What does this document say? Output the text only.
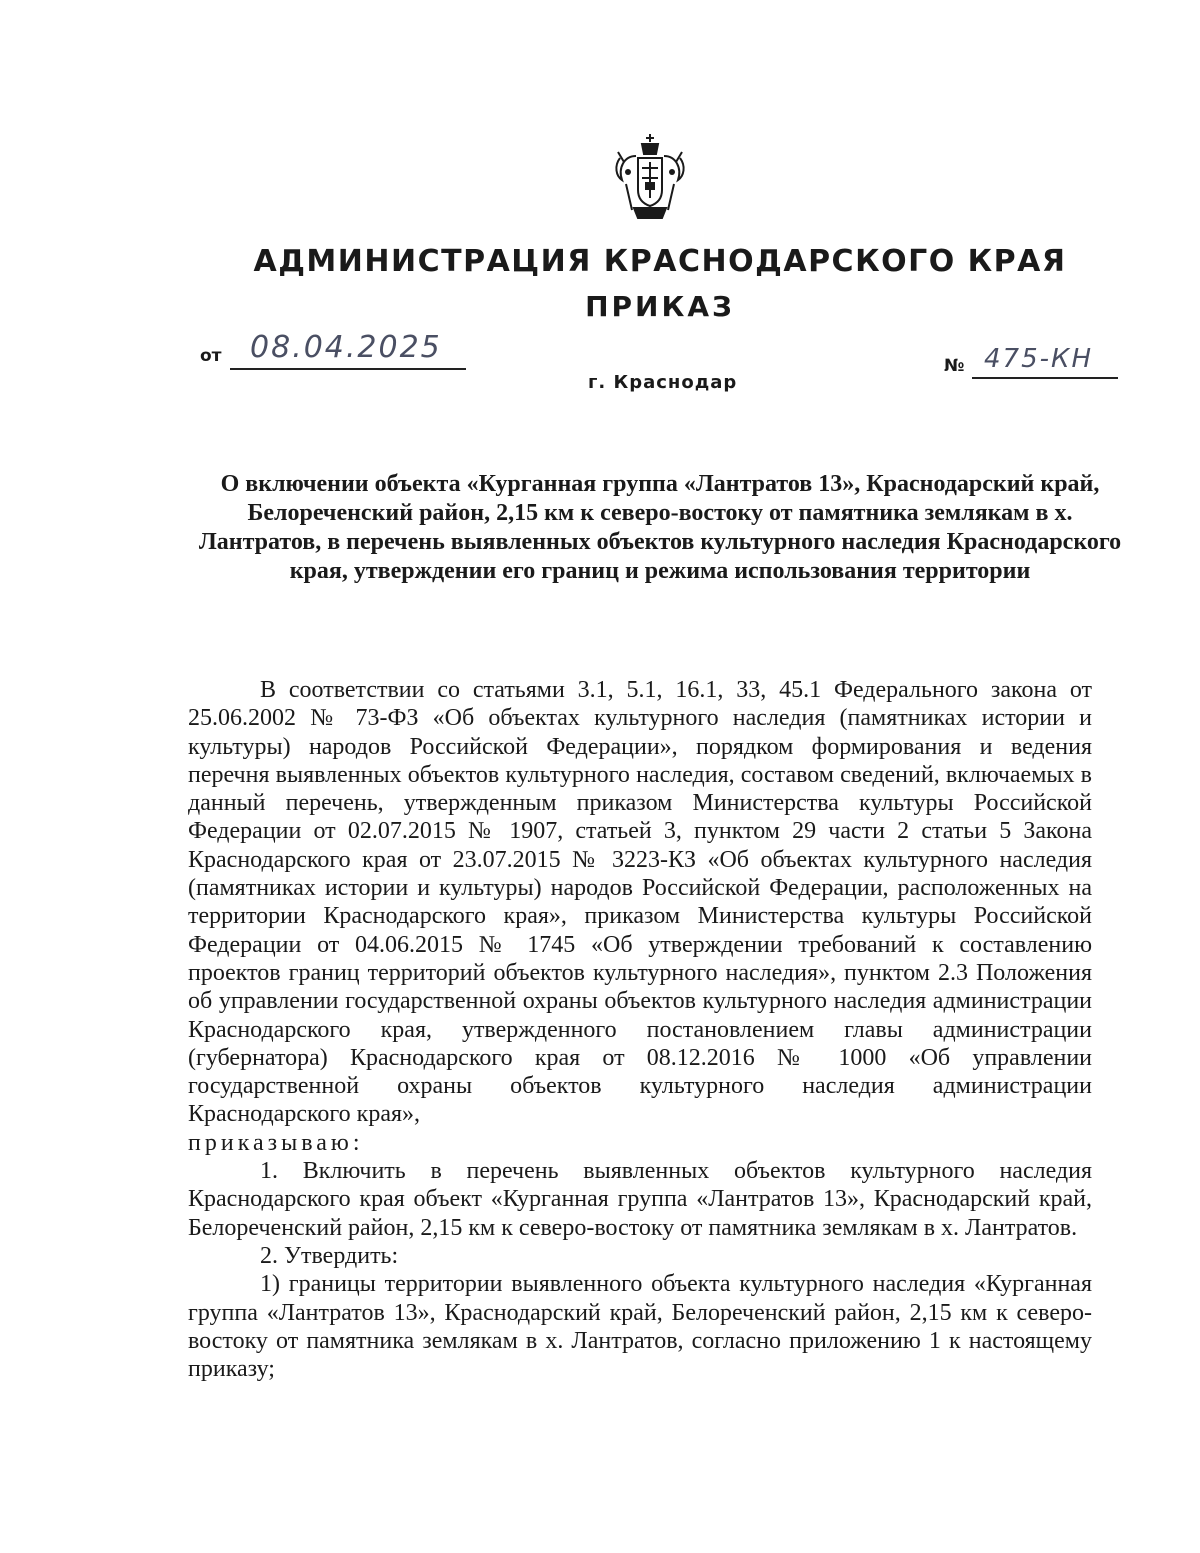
АДМИНИСТРАЦИЯ КРАСНОДАРСКОГО КРАЯ
ПРИКАЗ
от 08.04.2025
г. Краснодар
№ 475-КН
О включении объекта «Курганная группа «Лантратов 13», Краснодарский край, Белореченский район, 2,15 км к северо-востоку от памятника землякам в х. Лантратов, в перечень выявленных объектов культурного наследия Краснодарского края, утверждении его границ и режима использования территории

В соответствии со статьями 3.1, 5.1, 16.1, 33, 45.1 Федерального закона от 25.06.2002 № 73-ФЗ «Об объектах культурного наследия (памятниках истории и культуры) народов Российской Федерации», порядком формирования и ведения перечня выявленных объектов культурного наследия, составом сведений, включаемых в данный перечень, утвержденным приказом Министерства культуры Российской Федерации от 02.07.2015 № 1907, статьей 3, пунктом 29 части 2 статьи 5 Закона Краснодарского края от 23.07.2015 № 3223-КЗ «Об объектах культурного наследия (памятниках истории и культуры) народов Российской Федерации, расположенных на территории Краснодарского края», приказом Министерства культуры Российской Федерации от 04.06.2015 № 1745 «Об утверждении требований к составлению проектов границ территорий объектов культурного наследия», пунктом 2.3 Положения об управлении государственной охраны объектов культурного наследия администрации Краснодарского края, утвержденного постановлением главы администрации (губернатора) Краснодарского края от 08.12.2016 № 1000 «Об управлении государственной охраны объектов культурного наследия администрации Краснодарского края»,

приказываю:

1. Включить в перечень выявленных объектов культурного наследия Краснодарского края объект «Курганная группа «Лантратов 13», Краснодарский край, Белореченский район, 2,15 км к северо-востоку от памятника землякам в х. Лантратов.

2. Утвердить:

1) границы территории выявленного объекта культурного наследия «Курганная группа «Лантратов 13», Краснодарский край, Белореченский район, 2,15 км к северо-востоку от памятника землякам в х. Лантратов, согласно приложению 1 к настоящему приказу;
